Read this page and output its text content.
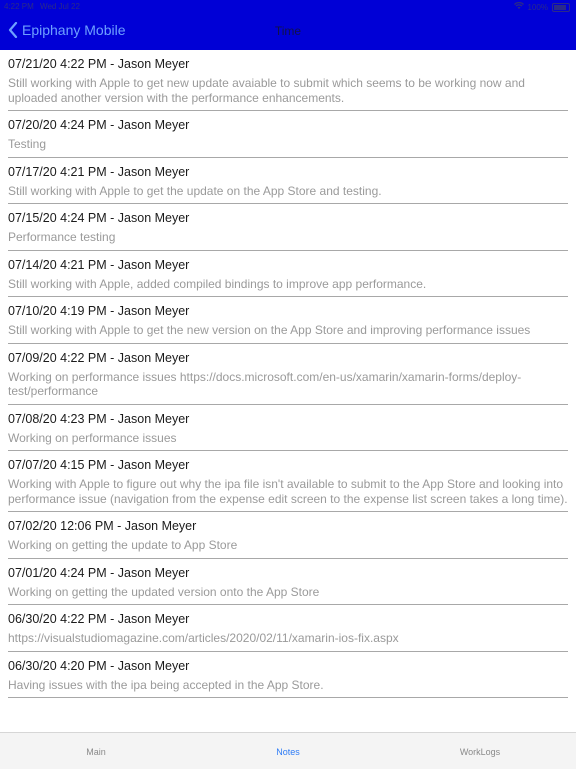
4:22 PM Wed Jul 22	100%
Epiphany Mobile	Time
07/21/20 4:22 PM - Jason Meyer
Still working with Apple to get new update avaiable to submit which seems to be working now and uploaded another version with the performance enhancements.
07/20/20 4:24 PM - Jason Meyer
Testing
07/17/20 4:21 PM - Jason Meyer
Still working with Apple to get the update on the App Store and testing.
07/15/20 4:24 PM - Jason Meyer
Performance testing
07/14/20 4:21 PM - Jason Meyer
Still working with Apple, added compiled bindings to improve app performance.
07/10/20 4:19 PM - Jason Meyer
Still working with Apple to get the new version on the App Store and improving performance issues
07/09/20 4:22 PM - Jason Meyer
Working on performance issues https://docs.microsoft.com/en-us/xamarin/xamarin-forms/deploy-test/performance
07/08/20 4:23 PM - Jason Meyer
Working on performance issues
07/07/20 4:15 PM - Jason Meyer
Working with Apple to figure out why the ipa file isn't available to submit to the App Store and looking into performance issue (navigation from the expense edit screen to the expense list screen takes a long time).
07/02/20 12:06 PM - Jason Meyer
Working on getting the update to App Store
07/01/20 4:24 PM - Jason Meyer
Working on getting the updated version onto the App Store
06/30/20 4:22 PM - Jason Meyer
https://visualstudiomagazine.com/articles/2020/02/11/xamarin-ios-fix.aspx
06/30/20 4:20 PM - Jason Meyer
Having issues with the ipa being accepted in the App Store.
Main	Notes	WorkLogs
